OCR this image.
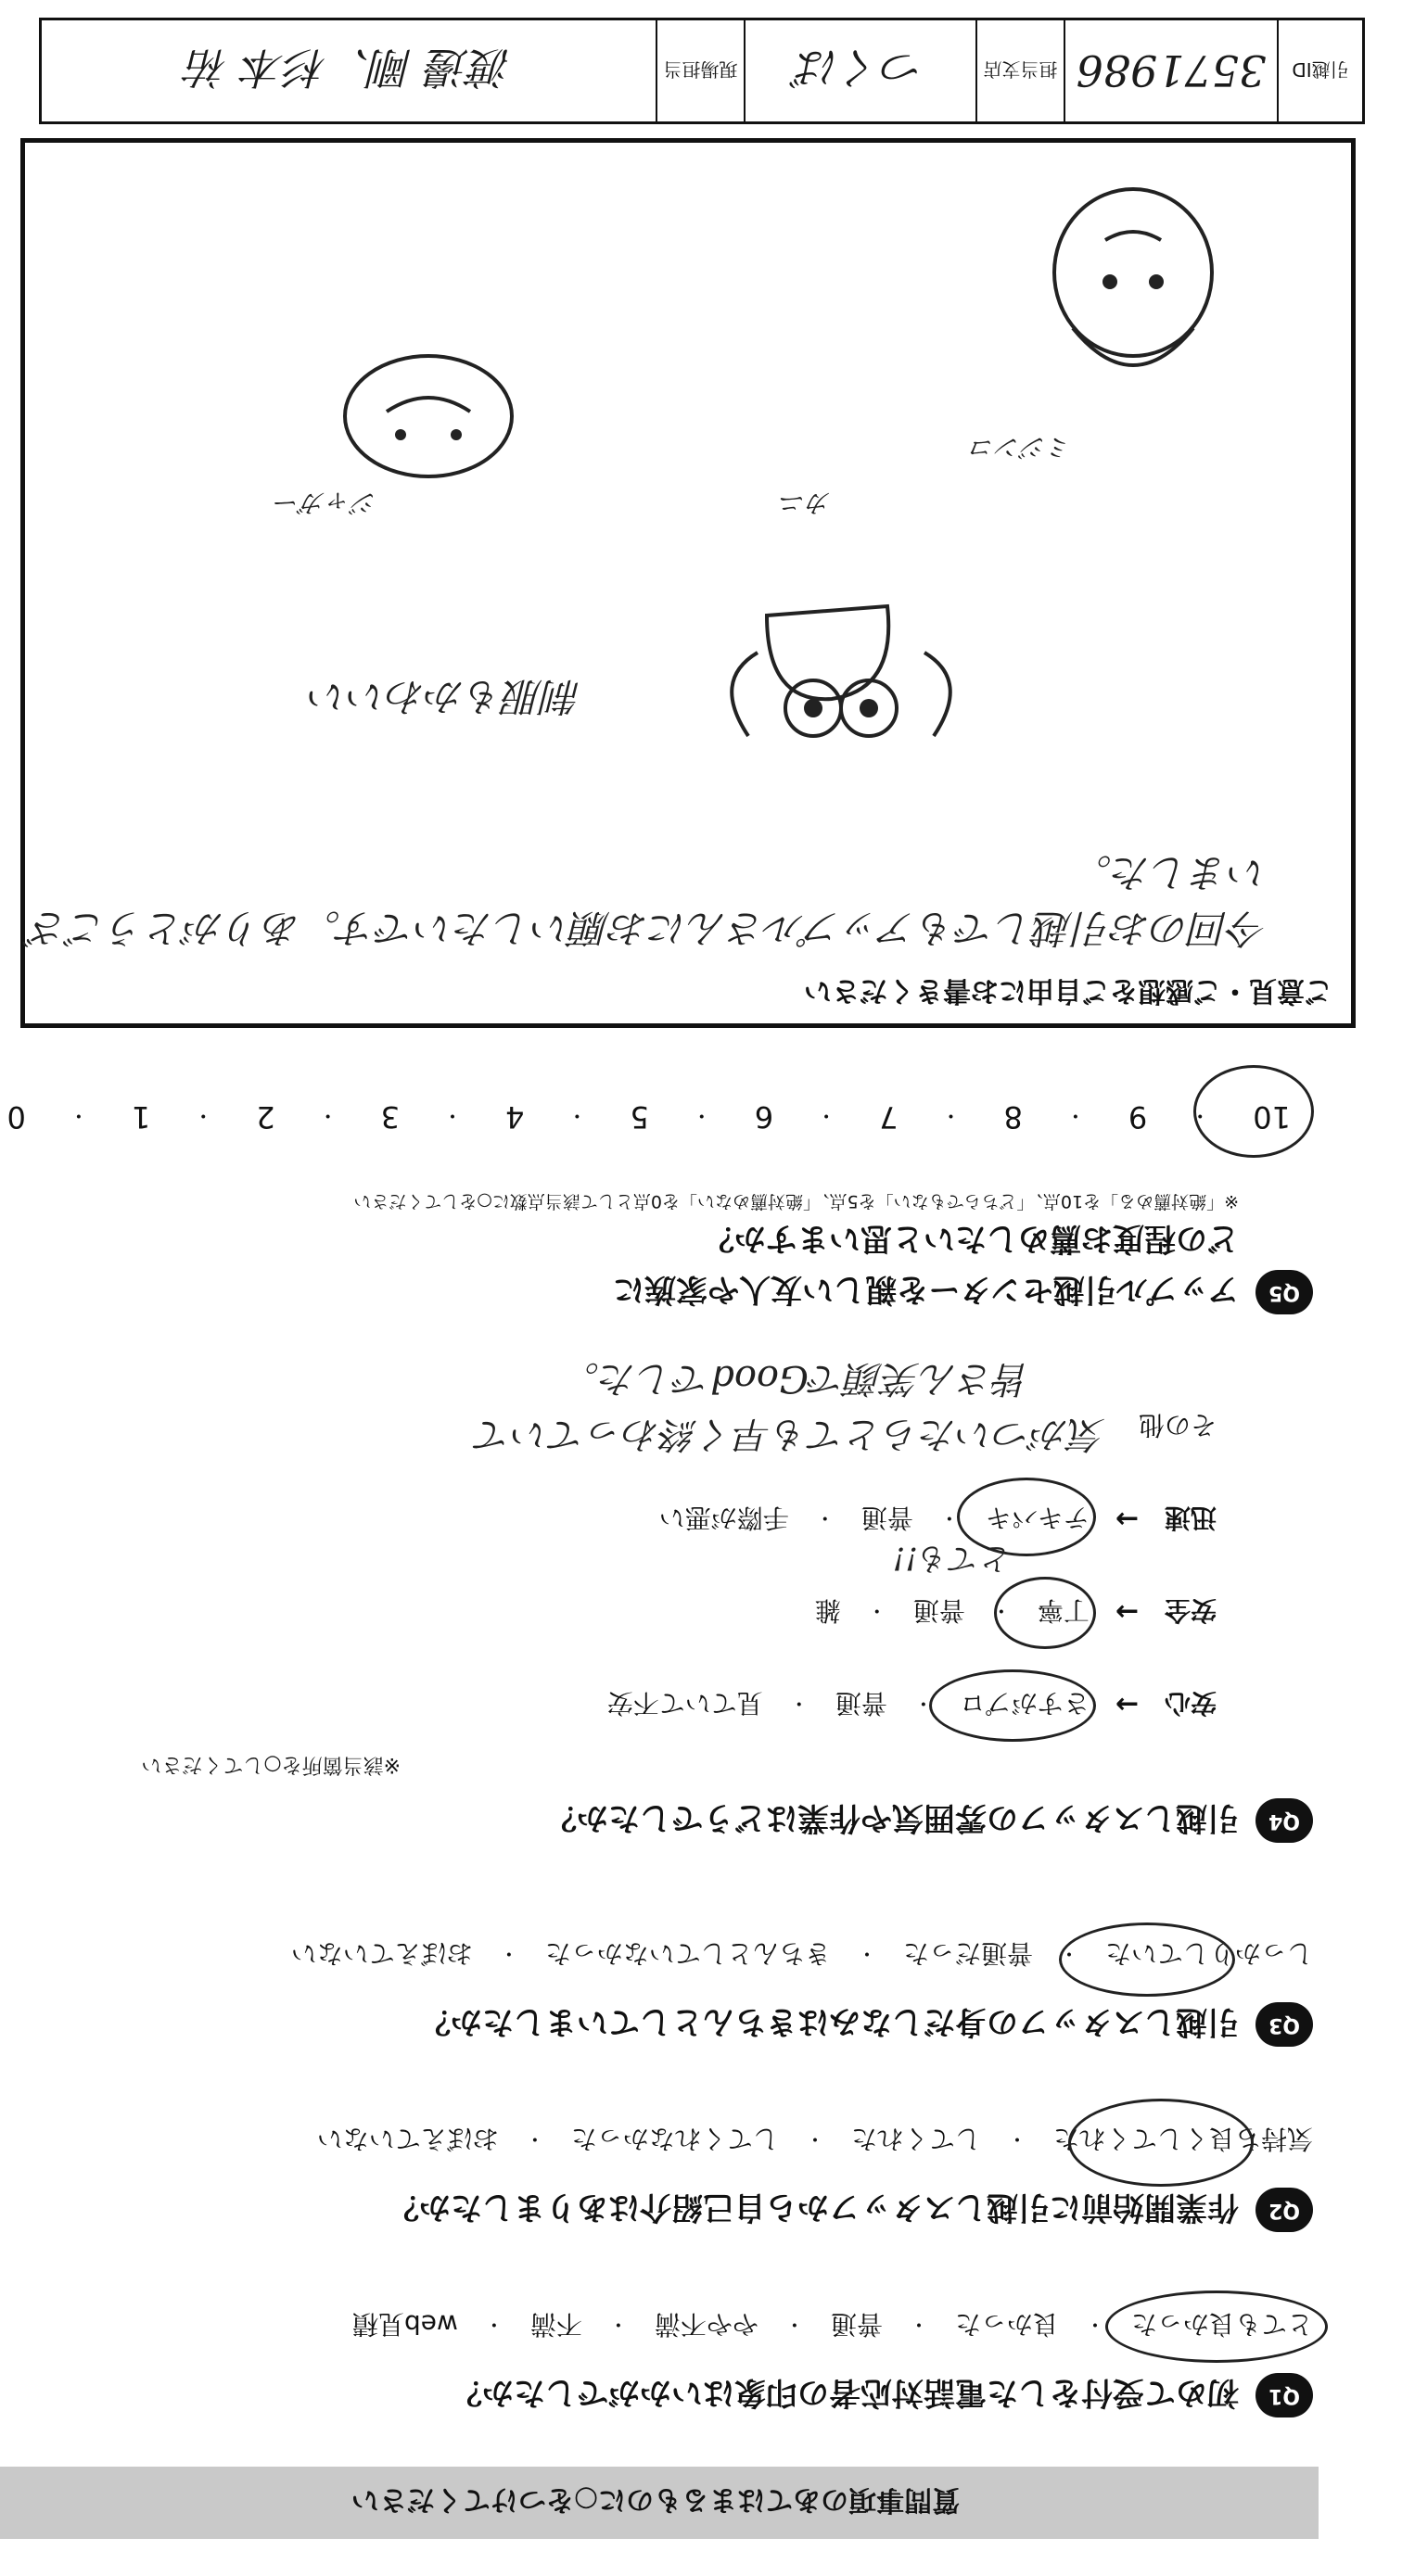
質問事項のあてはまるものに○をつけてください
Q1
初めて受付をした電話対応者の印象はいかがでしたか？
とても良かった
・
良かった
・
普通
・
やや不満
・
不満
・
web見積
Q2
作業開始前に引越しスタッフから自己紹介はありましたか？
気持ち良くしてくれた
・
してくれた
・
してくれなかった
・
おぼえていない
Q3
引越しスタッフの身だしなみはきちんとしていましたか？
しっかりしていた
・
普通だった
・
きちんとしていなかった
・
おぼえていない
Q4
引越しスタッフの雰囲気や作業はどうでしたか？
※該当箇所を○してください
安心
→
さすがプロ
・
普通
・
見ていて不安
安全
→
丁寧
・
普通
・
雑
迅速
→
テキパキ
・
普通
・
手際が悪い
とても!!
その他
気がついたらとても早く終わっていて
皆さん笑顔でGoodでした。
Q5
アップル引越センターを親しい友人や家族に
どの程度お薦めしたいと思いますか？
※「絶対薦める」を10点、「どちらでもない」を5点、「絶対薦めない」を0点として該当点数に○をしてください
10
・
9
・
8
・
7
・
6
・
5
・
4
・
3
・
2
・
1
・
0
ご意見・ご感想をご自由にお書きください
今回のお引越しでもアップルさんにお願いしたいです。ありがとうございました。
制服もかわいい
カニ
ジャガー
ミジンコ
引越ID
3571986
担当支店
つくば
現場担当
渡邊 剛、杉本 祐
